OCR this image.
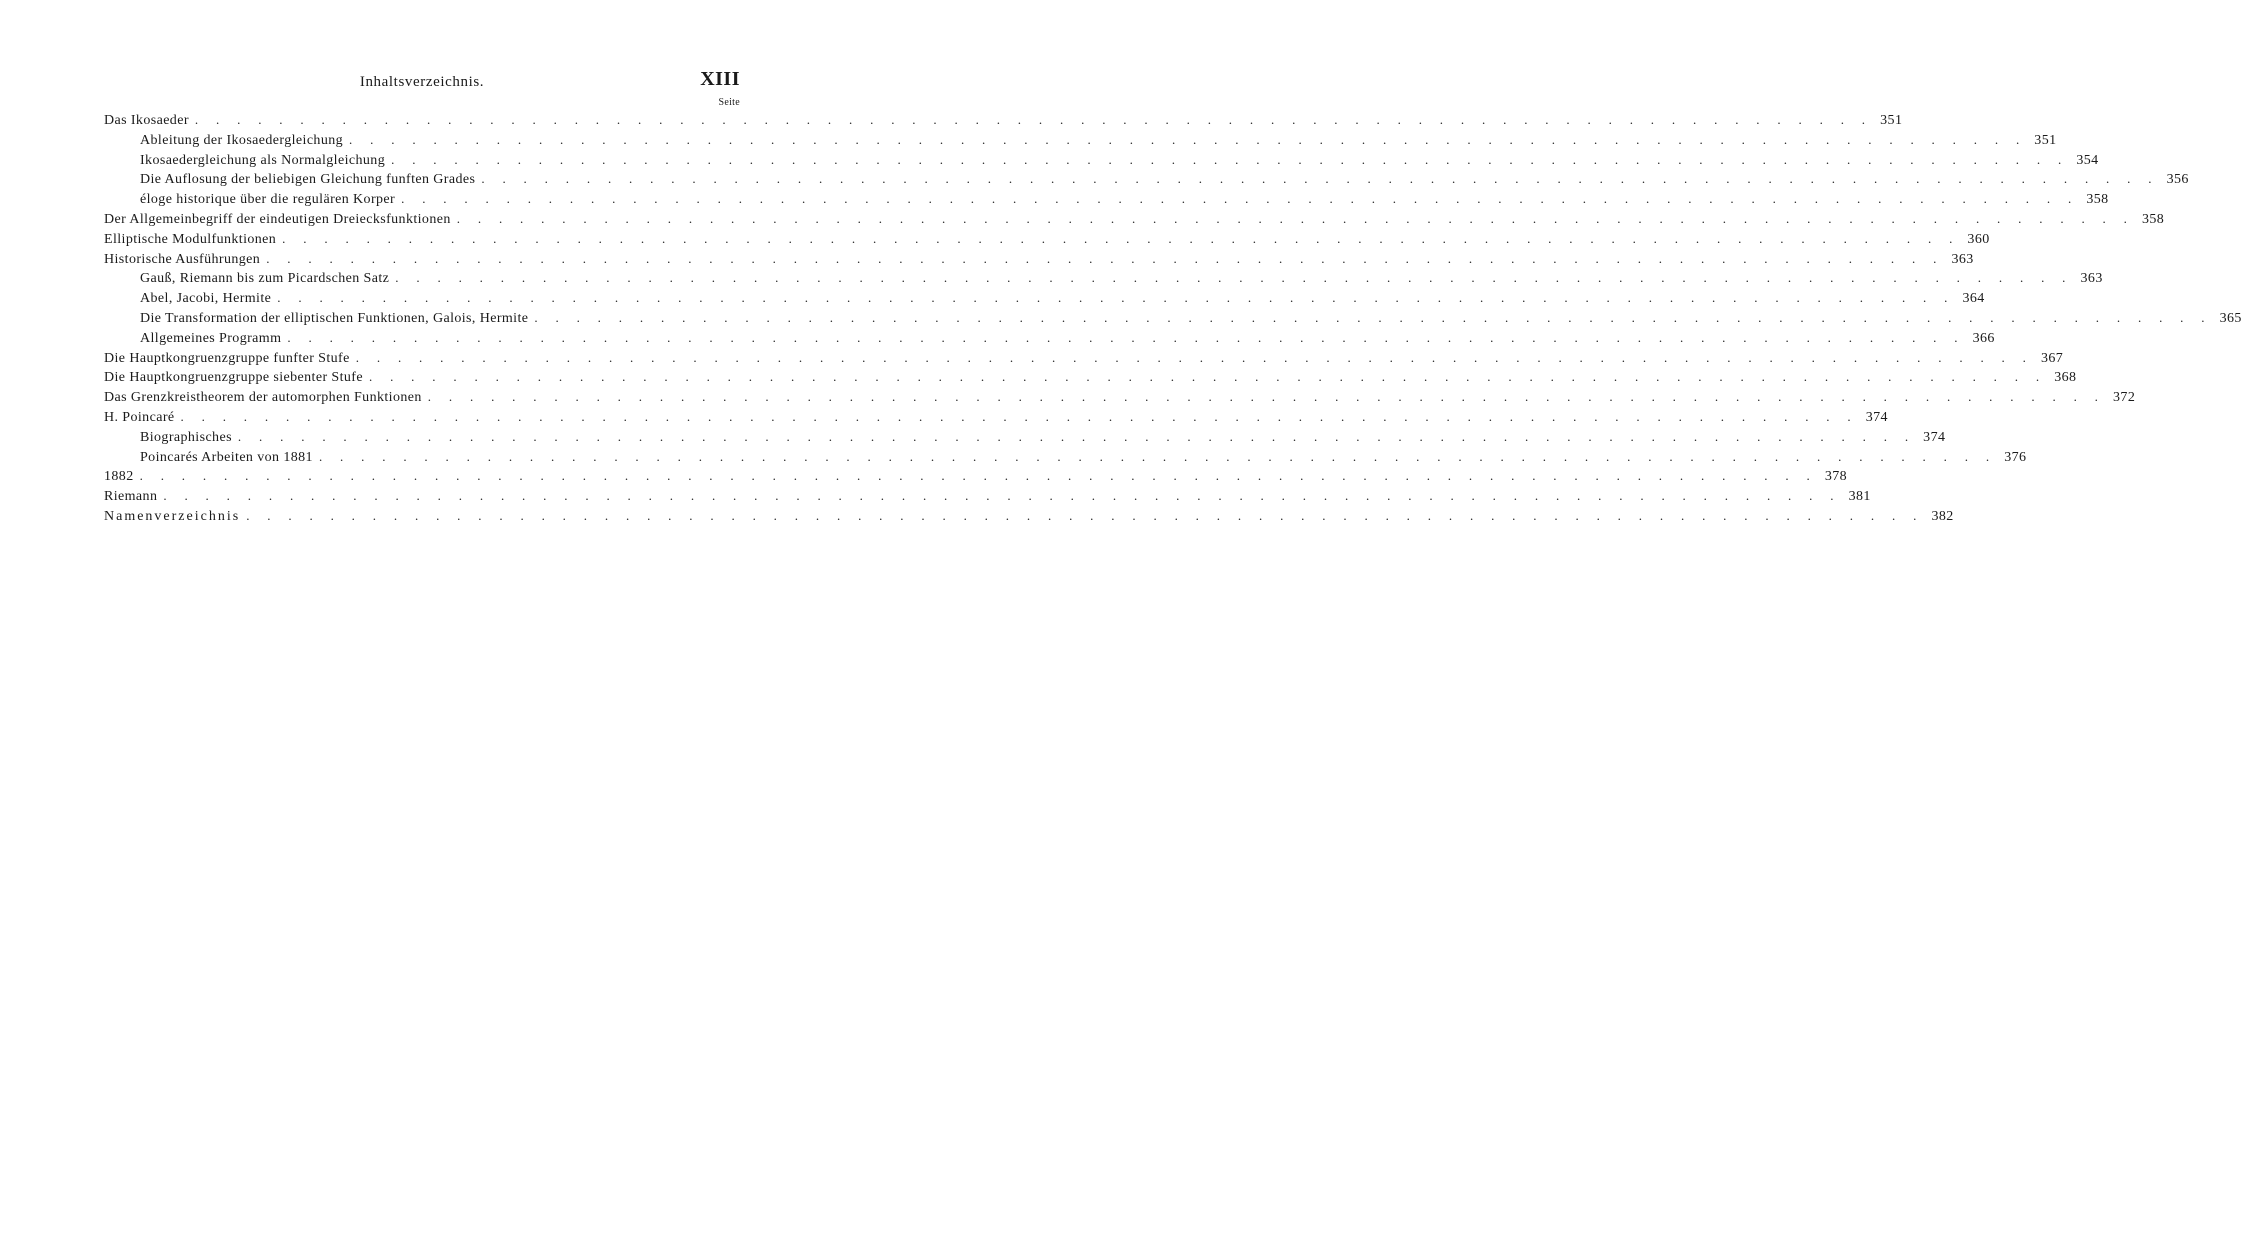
Inhaltsverzeichnis.	XIII
Seite
Das Ikosaeder . . . . . . . . . . . . . . . . . . . . . . . . . . . . . . . . . . . . . . . . . . . . . . . . . . . . . . . . . . . . . . . . . . . . . . . . . . . . . . . . 351
Ableitung der Ikosaedergleichung . . . . . . . . . . . . . . . . . . . . . . . . . . . . . . . . . . . . . . . . . . . . . . . . . . . . . . . . . . . . . . . . . . . . . . . . . . . . . . . . 351
Ikosaedergleichung als Normalgleichung . . . . . . . . . . . . . . . . . . . . . . . . . . . . . . . . . . . . . . . . . . . . . . . . . . . . . . . . . . . . . . . . . . . . . . . . . . . . . . . . 354
Die Auflosung der beliebigen Gleichung funften Grades . . . . . . . . . . . . . . . . . . . . . . . . . . . . . . . . . . . . . . . . . . . . . . . . . . . . . . . . . . . . . . . . . . . . . . . . . . . . . . . . 356
éloge historique über die regulären Korper . . . . . . . . . . . . . . . . . . . . . . . . . . . . . . . . . . . . . . . . . . . . . . . . . . . . . . . . . . . . . . . . . . . . . . . . . . . . . . . . 358
Der Allgemeinbegriff der eindeutigen Dreiecksfunktionen . . . . . . . . . . . . . . . . . . . . . . . . . . . . . . . . . . . . . . . . . . . . . . . . . . . . . . . . . . . . . . . . . . . . . . . . . . . . . . . . 358
Elliptische Modulfunktionen . . . . . . . . . . . . . . . . . . . . . . . . . . . . . . . . . . . . . . . . . . . . . . . . . . . . . . . . . . . . . . . . . . . . . . . . . . . . . . . . 360
Historische Ausführungen . . . . . . . . . . . . . . . . . . . . . . . . . . . . . . . . . . . . . . . . . . . . . . . . . . . . . . . . . . . . . . . . . . . . . . . . . . . . . . . . 363
Gauß, Riemann bis zum Picardschen Satz . . . . . . . . . . . . . . . . . . . . . . . . . . . . . . . . . . . . . . . . . . . . . . . . . . . . . . . . . . . . . . . . . . . . . . . . . . . . . . . . 363
Abel, Jacobi, Hermite . . . . . . . . . . . . . . . . . . . . . . . . . . . . . . . . . . . . . . . . . . . . . . . . . . . . . . . . . . . . . . . . . . . . . . . . . . . . . . . . 364
Die Transformation der elliptischen Funktionen, Galois, Hermite . . . . . . . . . . . . . . . . . . . . . . . . . . . . . . . . . . . . . . . . . . . . . . . . . . . . . . . . . . . . . . . . . . . . . . . . . . . . . . . . 365
Allgemeines Programm . . . . . . . . . . . . . . . . . . . . . . . . . . . . . . . . . . . . . . . . . . . . . . . . . . . . . . . . . . . . . . . . . . . . . . . . . . . . . . . . 366
Die Hauptkongruenzgruppe funfter Stufe . . . . . . . . . . . . . . . . . . . . . . . . . . . . . . . . . . . . . . . . . . . . . . . . . . . . . . . . . . . . . . . . . . . . . . . . . . . . . . . . 367
Die Hauptkongruenzgruppe siebenter Stufe . . . . . . . . . . . . . . . . . . . . . . . . . . . . . . . . . . . . . . . . . . . . . . . . . . . . . . . . . . . . . . . . . . . . . . . . . . . . . . . . 368
Das Grenzkreistheorem der automorphen Funktionen . . . . . . . . . . . . . . . . . . . . . . . . . . . . . . . . . . . . . . . . . . . . . . . . . . . . . . . . . . . . . . . . . . . . . . . . . . . . . . . . 372
H. Poincaré . . . . . . . . . . . . . . . . . . . . . . . . . . . . . . . . . . . . . . . . . . . . . . . . . . . . . . . . . . . . . . . . . . . . . . . . . . . . . . . . 374
Biographisches . . . . . . . . . . . . . . . . . . . . . . . . . . . . . . . . . . . . . . . . . . . . . . . . . . . . . . . . . . . . . . . . . . . . . . . . . . . . . . . . 374
Poincarés Arbeiten von 1881 . . . . . . . . . . . . . . . . . . . . . . . . . . . . . . . . . . . . . . . . . . . . . . . . . . . . . . . . . . . . . . . . . . . . . . . . . . . . . . . . 376
1882 . . . . . . . . . . . . . . . . . . . . . . . . . . . . . . . . . . . . . . . . . . . . . . . . . . . . . . . . . . . . . . . . . . . . . . . . . . . . . . . . 378
Riemann . . . . . . . . . . . . . . . . . . . . . . . . . . . . . . . . . . . . . . . . . . . . . . . . . . . . . . . . . . . . . . . . . . . . . . . . . . . . . . . . 381
Namenverzeichnis . . . . . . . . . . . . . . . . . . . . . . . . . . . . . . . . . . . . . . . . . . . . . . . . . . . . . . . . . . . . . . . . . . . . . . . . . . . . . . . . 382
